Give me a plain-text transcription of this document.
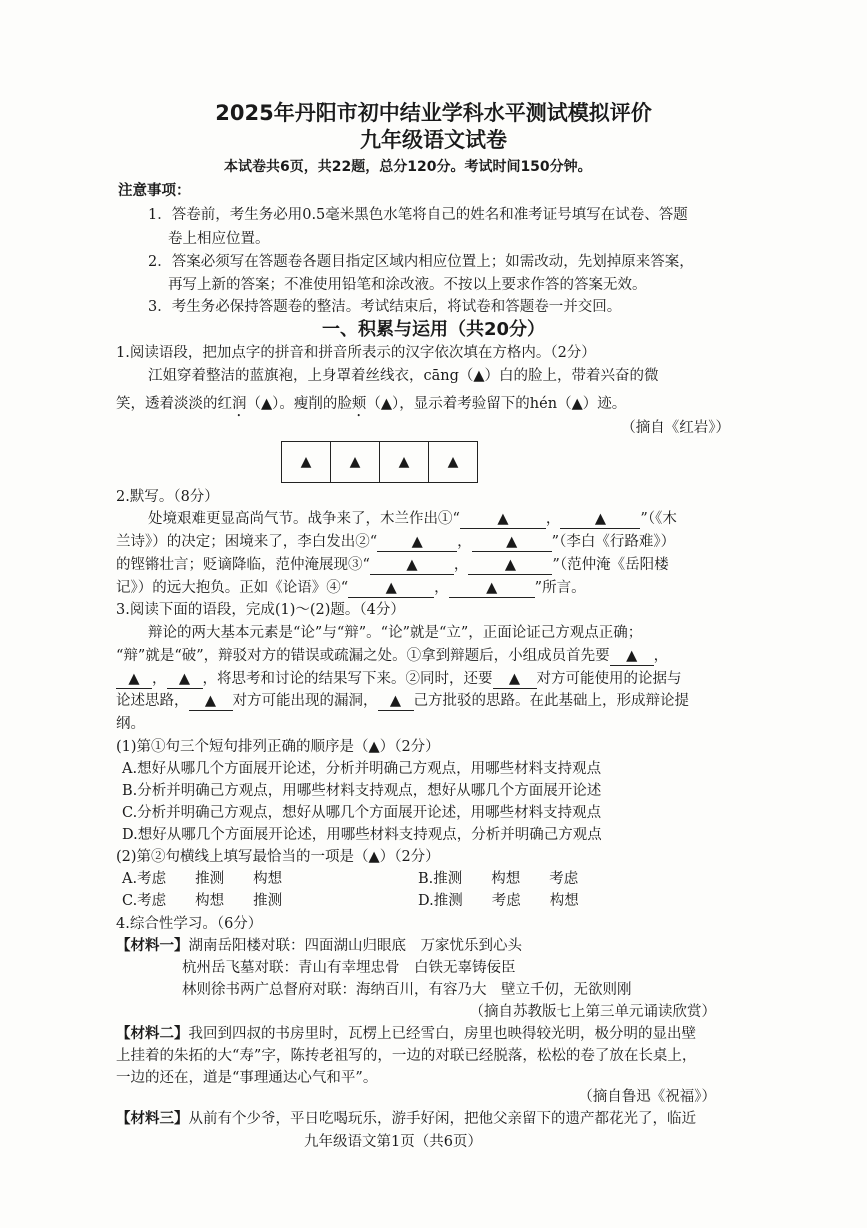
2025年丹阳市初中结业学科水平测试模拟评价
九年级语文试卷
本试卷共6页，共22题，总分120分。考试时间150分钟。
注意事项：
1．答卷前，考生务必用0.5毫米黑色水笔将自己的姓名和准考证号填写在试卷、答题
卷上相应位置。
2．答案必须写在答题卷各题目指定区域内相应位置上；如需改动，先划掉原来答案，
再写上新的答案；不准使用铅笔和涂改液。不按以上要求作答的答案无效。
3．考生务必保持答题卷的整洁。考试结束后，将试卷和答题卷一并交回。
一、积累与运用（共20分）
1.阅读语段，把加点字的拼音和拼音所表示的汉字依次填在方格内。（2分）
江姐穿着整洁的蓝旗袍，上身罩着丝线衣，cāng（▲）白的脸上，带着兴奋的微
笑，透着淡淡的红润（▲）。瘦削的脸颊（▲），显示着考验留下的hén（▲）迹。
（摘自《红岩》）
▲	▲	▲	▲
2.默写。（8分）
处境艰难更显高尚气节。战争来了，木兰作出①“ ▲	， ▲	”（《木
兰诗》）的决定；困境来了，李白发出②“ ▲	， ▲	”（李白《行路难》）
的铿锵壮言；贬谪降临，范仲淹展现③“ ▲	， ▲	”（范仲淹《岳阳楼
记》）的远大抱负。正如《论语》④“ ▲	， ▲	”所言。
3.阅读下面的语段，完成(1)～(2)题。（4分）
辩论的两大基本元素是“论”与“辩”。“论”就是“立”，正面论证己方观点正确；
“辩”就是“破”，辩驳对方的错误或疏漏之处。①拿到辩题后，小组成员首先要 ▲	，
▲， ▲ ，将思考和讨论的结果写下来。②同时，还要 ▲	对方可能使用的论据与
论述思路， ▲	对方可能出现的漏洞， ▲ 己方批驳的思路。在此基础上，形成辩论提
纲。
(1)第①句三个短句排列正确的顺序是（▲）（2分）
A.想好从哪几个方面展开论述，分析并明确己方观点，用哪些材料支持观点
B.分析并明确己方观点，用哪些材料支持观点，想好从哪几个方面展开论述
C.分析并明确己方观点，想好从哪几个方面展开论述，用哪些材料支持观点
D.想好从哪几个方面展开论述，用哪些材料支持观点，分析并明确己方观点
(2)第②句横线上填写最恰当的一项是（▲）（2分）
A.考虑　　推测　　构想	B.推测　　构想　　考虑
C.考虑　　构想　　推测	D.推测　　考虑　　构想
4.综合性学习。（6分）
【材料一】湖南岳阳楼对联：四面湖山归眼底　万家忧乐到心头
杭州岳飞墓对联：青山有幸埋忠骨　白铁无辜铸佞臣
林则徐书两广总督府对联：海纳百川，有容乃大　壁立千仞，无欲则刚
（摘自苏教版七上第三单元诵读欣赏）
【材料二】我回到四叔的书房里时，瓦楞上已经雪白，房里也映得较光明，极分明的显出壁
上挂着的朱拓的大“寿”字，陈抟老祖写的，一边的对联已经脱落，松松的卷了放在长桌上，
一边的还在，道是“事理通达心气和平”。
（摘自鲁迅《祝福》）
【材料三】从前有个少爷，平日吃喝玩乐，游手好闲，把他父亲留下的遗产都花光了，临近
九年级语文第1页（共6页）
